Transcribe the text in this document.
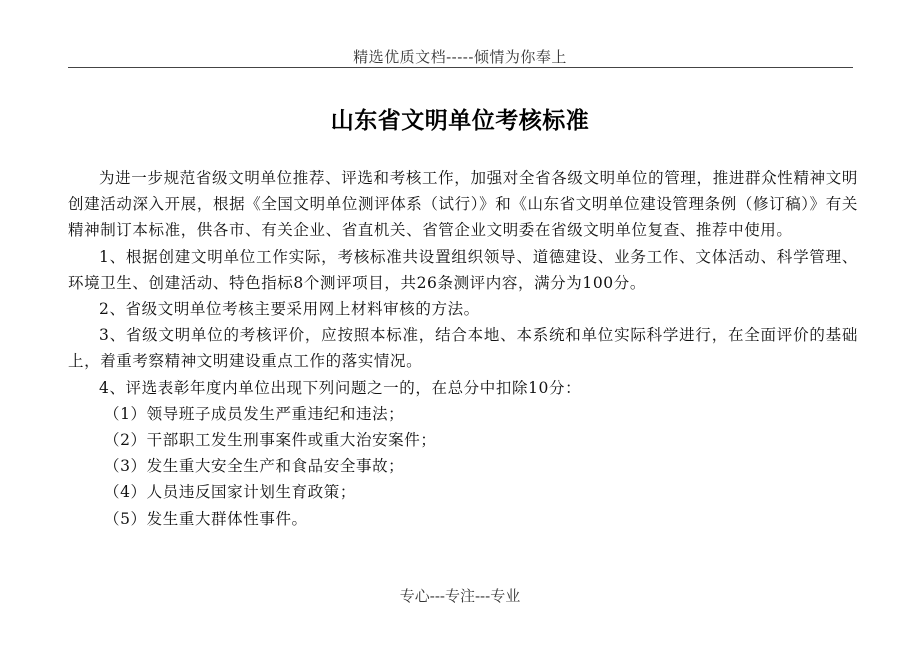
精选优质文档-----倾情为你奉上
山东省文明单位考核标准

为进一步规范省级文明单位推荐、评选和考核工作，加强对全省各级文明单位的管理，推进群众性精神文明创建活动深入开展，根据《全国文明单位测评体系（试行）》和《山东省文明单位建设管理条例（修订稿）》有关精神制订本标准，供各市、有关企业、省直机关、省管企业文明委在省级文明单位复查、推荐中使用。

1、根据创建文明单位工作实际，考核标准共设置组织领导、道德建设、业务工作、文体活动、科学管理、环境卫生、创建活动、特色指标8个测评项目，共26条测评内容，满分为100分。

2、省级文明单位考核主要采用网上材料审核的方法。

3、省级文明单位的考核评价，应按照本标准，结合本地、本系统和单位实际科学进行，在全面评价的基础上，着重考察精神文明建设重点工作的落实情况。

4、评选表彰年度内单位出现下列问题之一的，在总分中扣除10分：

（1）领导班子成员发生严重违纪和违法；
（2）干部职工发生刑事案件或重大治安案件；
（3）发生重大安全生产和食品安全事故；
（4）人员违反国家计划生育政策；
（5）发生重大群体性事件。
专心---专注---专业
